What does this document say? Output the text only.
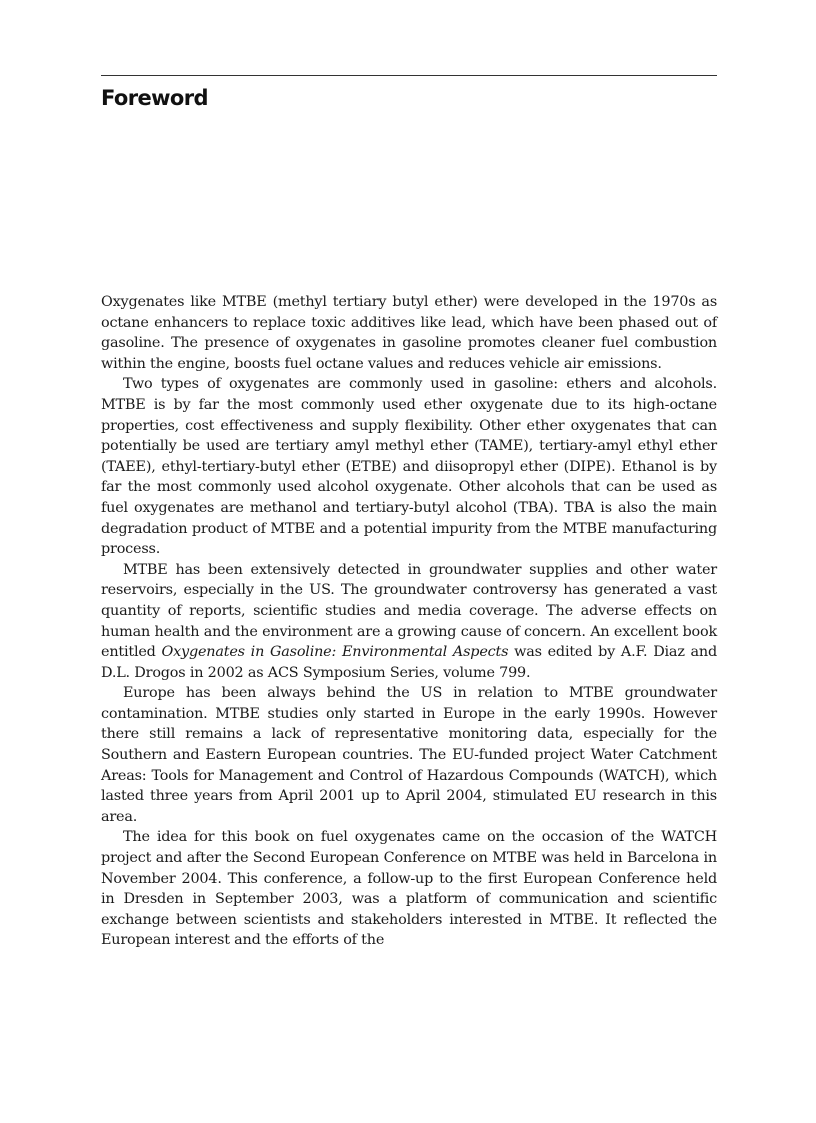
Foreword

Oxygenates like MTBE (methyl tertiary butyl ether) were developed in the 1970s as octane enhancers to replace toxic additives like lead, which have been phased out of gasoline. The presence of oxygenates in gasoline promotes cleaner fuel combustion within the engine, boosts fuel octane values and reduces vehicle air emissions.

Two types of oxygenates are commonly used in gasoline: ethers and alcohols. MTBE is by far the most commonly used ether oxygenate due to its high-octane properties, cost effectiveness and supply flexibility. Other ether oxygenates that can potentially be used are tertiary amyl methyl ether (TAME), tertiary-amyl ethyl ether (TAEE), ethyl-tertiary-butyl ether (ETBE) and diisopropyl ether (DIPE). Ethanol is by far the most commonly used alcohol oxygenate. Other alcohols that can be used as fuel oxygenates are methanol and tertiary-butyl alcohol (TBA). TBA is also the main degradation product of MTBE and a potential impurity from the MTBE manufacturing process.

MTBE has been extensively detected in groundwater supplies and other water reservoirs, especially in the US. The groundwater controversy has generated a vast quantity of reports, scientific studies and media coverage. The adverse effects on human health and the environment are a growing cause of concern. An excellent book entitled Oxygenates in Gasoline: Environmental Aspects was edited by A.F. Diaz and D.L. Drogos in 2002 as ACS Symposium Series, volume 799.

Europe has been always behind the US in relation to MTBE groundwater contamination. MTBE studies only started in Europe in the early 1990s. However there still remains a lack of representative monitoring data, especially for the Southern and Eastern European countries. The EU-funded project Water Catchment Areas: Tools for Management and Control of Hazardous Compounds (WATCH), which lasted three years from April 2001 up to April 2004, stimulated EU research in this area.

The idea for this book on fuel oxygenates came on the occasion of the WATCH project and after the Second European Conference on MTBE was held in Barcelona in November 2004. This conference, a follow-up to the first European Conference held in Dresden in September 2003, was a platform of communication and scientific exchange between scientists and stakeholders interested in MTBE. It reflected the European interest and the efforts of the
